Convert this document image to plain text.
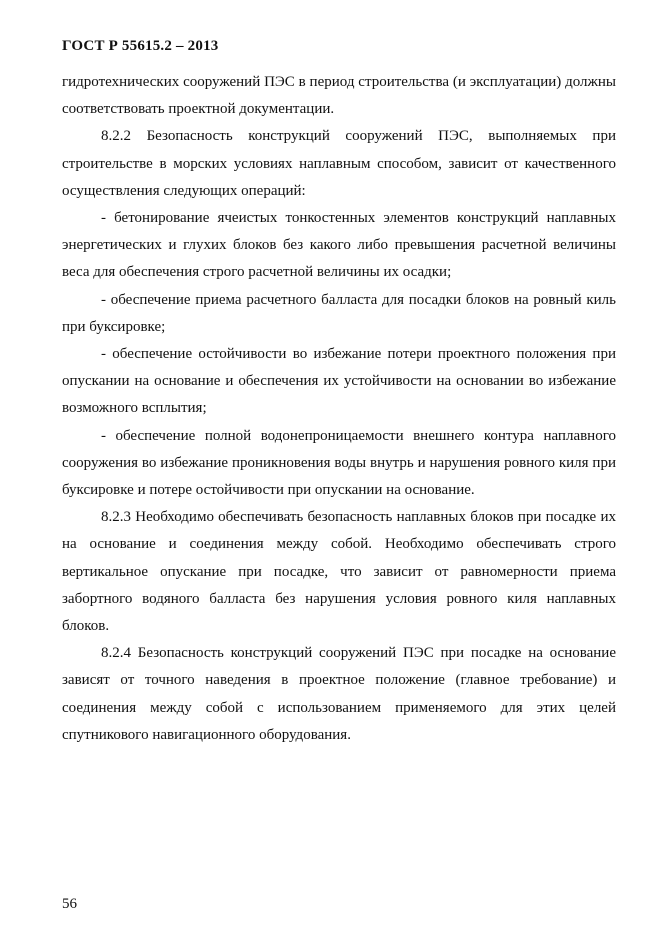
ГОСТ Р 55615.2 – 2013

гидротехнических сооружений ПЭС в период строительства (и эксплуатации) должны соответствовать проектной документации.

8.2.2 Безопасность конструкций сооружений ПЭС, выполняемых при строительстве в морских условиях наплавным способом, зависит от качественного осуществления следующих операций:

- бетонирование ячеистых тонкостенных элементов конструкций наплавных энергетических и глухих блоков без какого либо превышения расчетной величины веса для обеспечения строго расчетной величины их осадки;

- обеспечение приема расчетного балласта для посадки блоков на ровный киль при буксировке;

- обеспечение остойчивости во избежание потери проектного положения при опускании на основание и обеспечения их устойчивости на основании во избежание возможного всплытия;

- обеспечение полной водонепроницаемости внешнего контура наплавного сооружения во избежание проникновения воды внутрь и нарушения ровного киля при буксировке и потере остойчивости при опускании на основание.

8.2.3 Необходимо обеспечивать безопасность наплавных блоков при посадке их на основание и соединения между собой. Необходимо обеспечивать строго вертикальное опускание при посадке, что зависит от равномерности приема забортного водяного балласта без нарушения условия ровного киля наплавных блоков.

8.2.4 Безопасность конструкций сооружений ПЭС при посадке на основание зависят от точного наведения в проектное положение (главное требование) и соединения между собой с использованием применяемого для этих целей спутникового навигационного оборудования.

56
